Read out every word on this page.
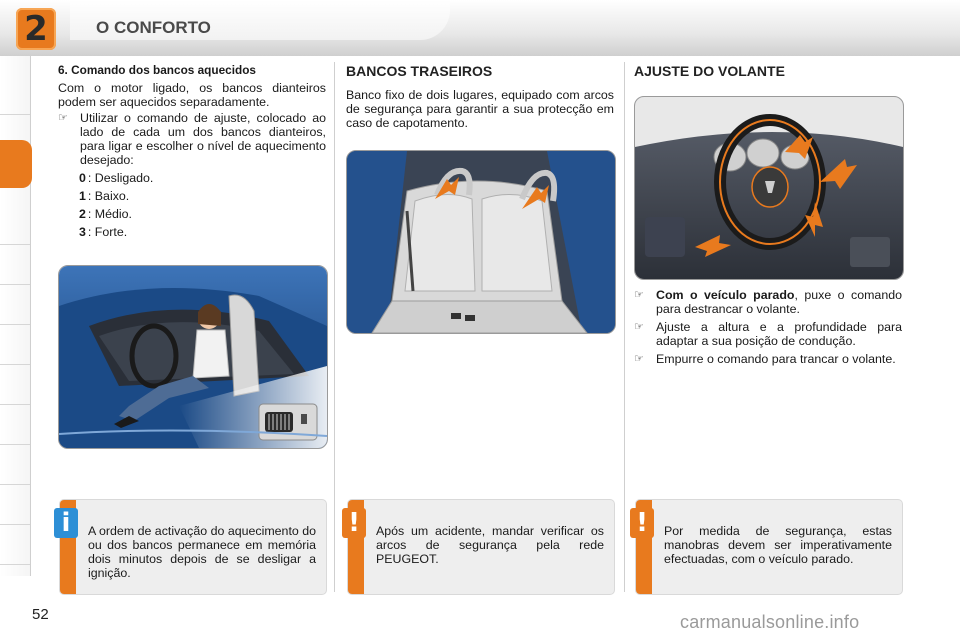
2	O CONFORTO
6. Comando dos bancos aquecidos
Com o motor ligado, os bancos dianteiros podem ser aquecidos separadamente.
☞ Utilizar o comando de ajuste, colocado ao lado de cada um dos bancos dianteiros, para ligar e escolher o nível de aquecimento desejado:
0 : Desligado.
1 : Baixo.
2 : Médio.
3 : Forte.
BANCOS TRASEIROS
Banco fixo de dois lugares, equipado com arcos de segurança para garantir a sua protecção em caso de capotamento.
AJUSTE DO VOLANTE
☞ Com o veículo parado, puxe o comando para destrancar o volante.
☞ Ajuste a altura e a profundidade para adaptar a sua posição de condução.
☞ Empurre o comando para trancar o volante.
i	A ordem de activação do aquecimento do ou dos bancos permanece em memória dois minutos depois de se desligar a ignição.
!	Após um acidente, mandar verificar os arcos de segurança pela rede PEUGEOT.
!	Por medida de segurança, estas manobras devem ser imperativamente efectuadas, com o veículo parado.
52	carmanualsonline.info
